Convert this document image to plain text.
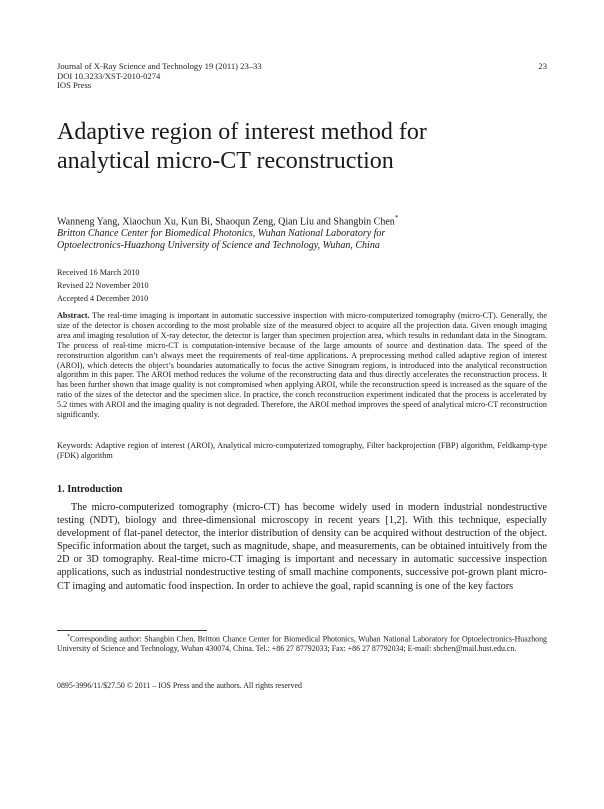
Journal of X-Ray Science and Technology 19 (2011) 23–33
DOI 10.3233/XST-2010-0274
IOS Press
23
Adaptive region of interest method for
analytical micro-CT reconstruction
Wanneng Yang, Xiaochun Xu, Kun Bi, Shaoqun Zeng, Qian Liu and Shangbin Chen*
Britton Chance Center for Biomedical Photonics, Wuhan National Laboratory for
Optoelectronics-Huazhong University of Science and Technology, Wuhan, China
Received 16 March 2010
Revised 22 November 2010
Accepted 4 December 2010

Abstract. The real-time imaging is important in automatic successive inspection with micro-computerized tomography (micro-CT). Generally, the size of the detector is chosen according to the most probable size of the measured object to acquire all the projection data. Given enough imaging area and imaging resolution of X-ray detector, the detector is larger than specimen projection area, which results in redundant data in the Sinogram. The process of real-time micro-CT is computation-intensive because of the large amounts of source and destination data. The speed of the reconstruction algorithm can’t always meet the requirements of real-time applications. A preprocessing method called adaptive region of interest (AROI), which detects the object’s boundaries automatically to focus the active Sinogram regions, is introduced into the analytical reconstruction algorithm in this paper. The AROI method reduces the volume of the reconstructing data and thus directly accelerates the reconstruction process. It has been further shown that image quality is not compromised when applying AROI, while the reconstruction speed is increased as the square of the ratio of the sizes of the detector and the specimen slice. In practice, the conch reconstruction experiment indicated that the process is accelerated by 5.2 times with AROI and the imaging quality is not degraded. Therefore, the AROI method improves the speed of analytical micro-CT reconstruction significantly.

Keywords: Adaptive region of interest (AROI), Analytical micro-computerized tomography, Filter backprojection (FBP) algorithm, Feldkamp-type (FDK) algorithm

1. Introduction

The micro-computerized tomography (micro-CT) has become widely used in modern industrial nondestructive testing (NDT), biology and three-dimensional microscopy in recent years [1,2]. With this technique, especially development of flat-panel detector, the interior distribution of density can be acquired without destruction of the object. Specific information about the target, such as magnitude, shape, and measurements, can be obtained intuitively from the 2D or 3D tomography. Real-time micro-CT imaging is important and necessary in automatic successive inspection applications, such as industrial nondestructive testing of small machine components, successive pot-grown plant micro-CT imaging and automatic food inspection. In order to achieve the goal, rapid scanning is one of the key factors

*Corresponding author: Shangbin Chen, Britton Chance Center for Biomedical Photonics, Wuhan National Laboratory for Optoelectronics-Huazhong University of Science and Technology, Wuhan 430074, China. Tel.: +86 27 87792033; Fax: +86 27 87792034; E-mail: sbchen@mail.hust.edu.cn.

0895-3996/11/$27.50 © 2011 – IOS Press and the authors. All rights reserved
